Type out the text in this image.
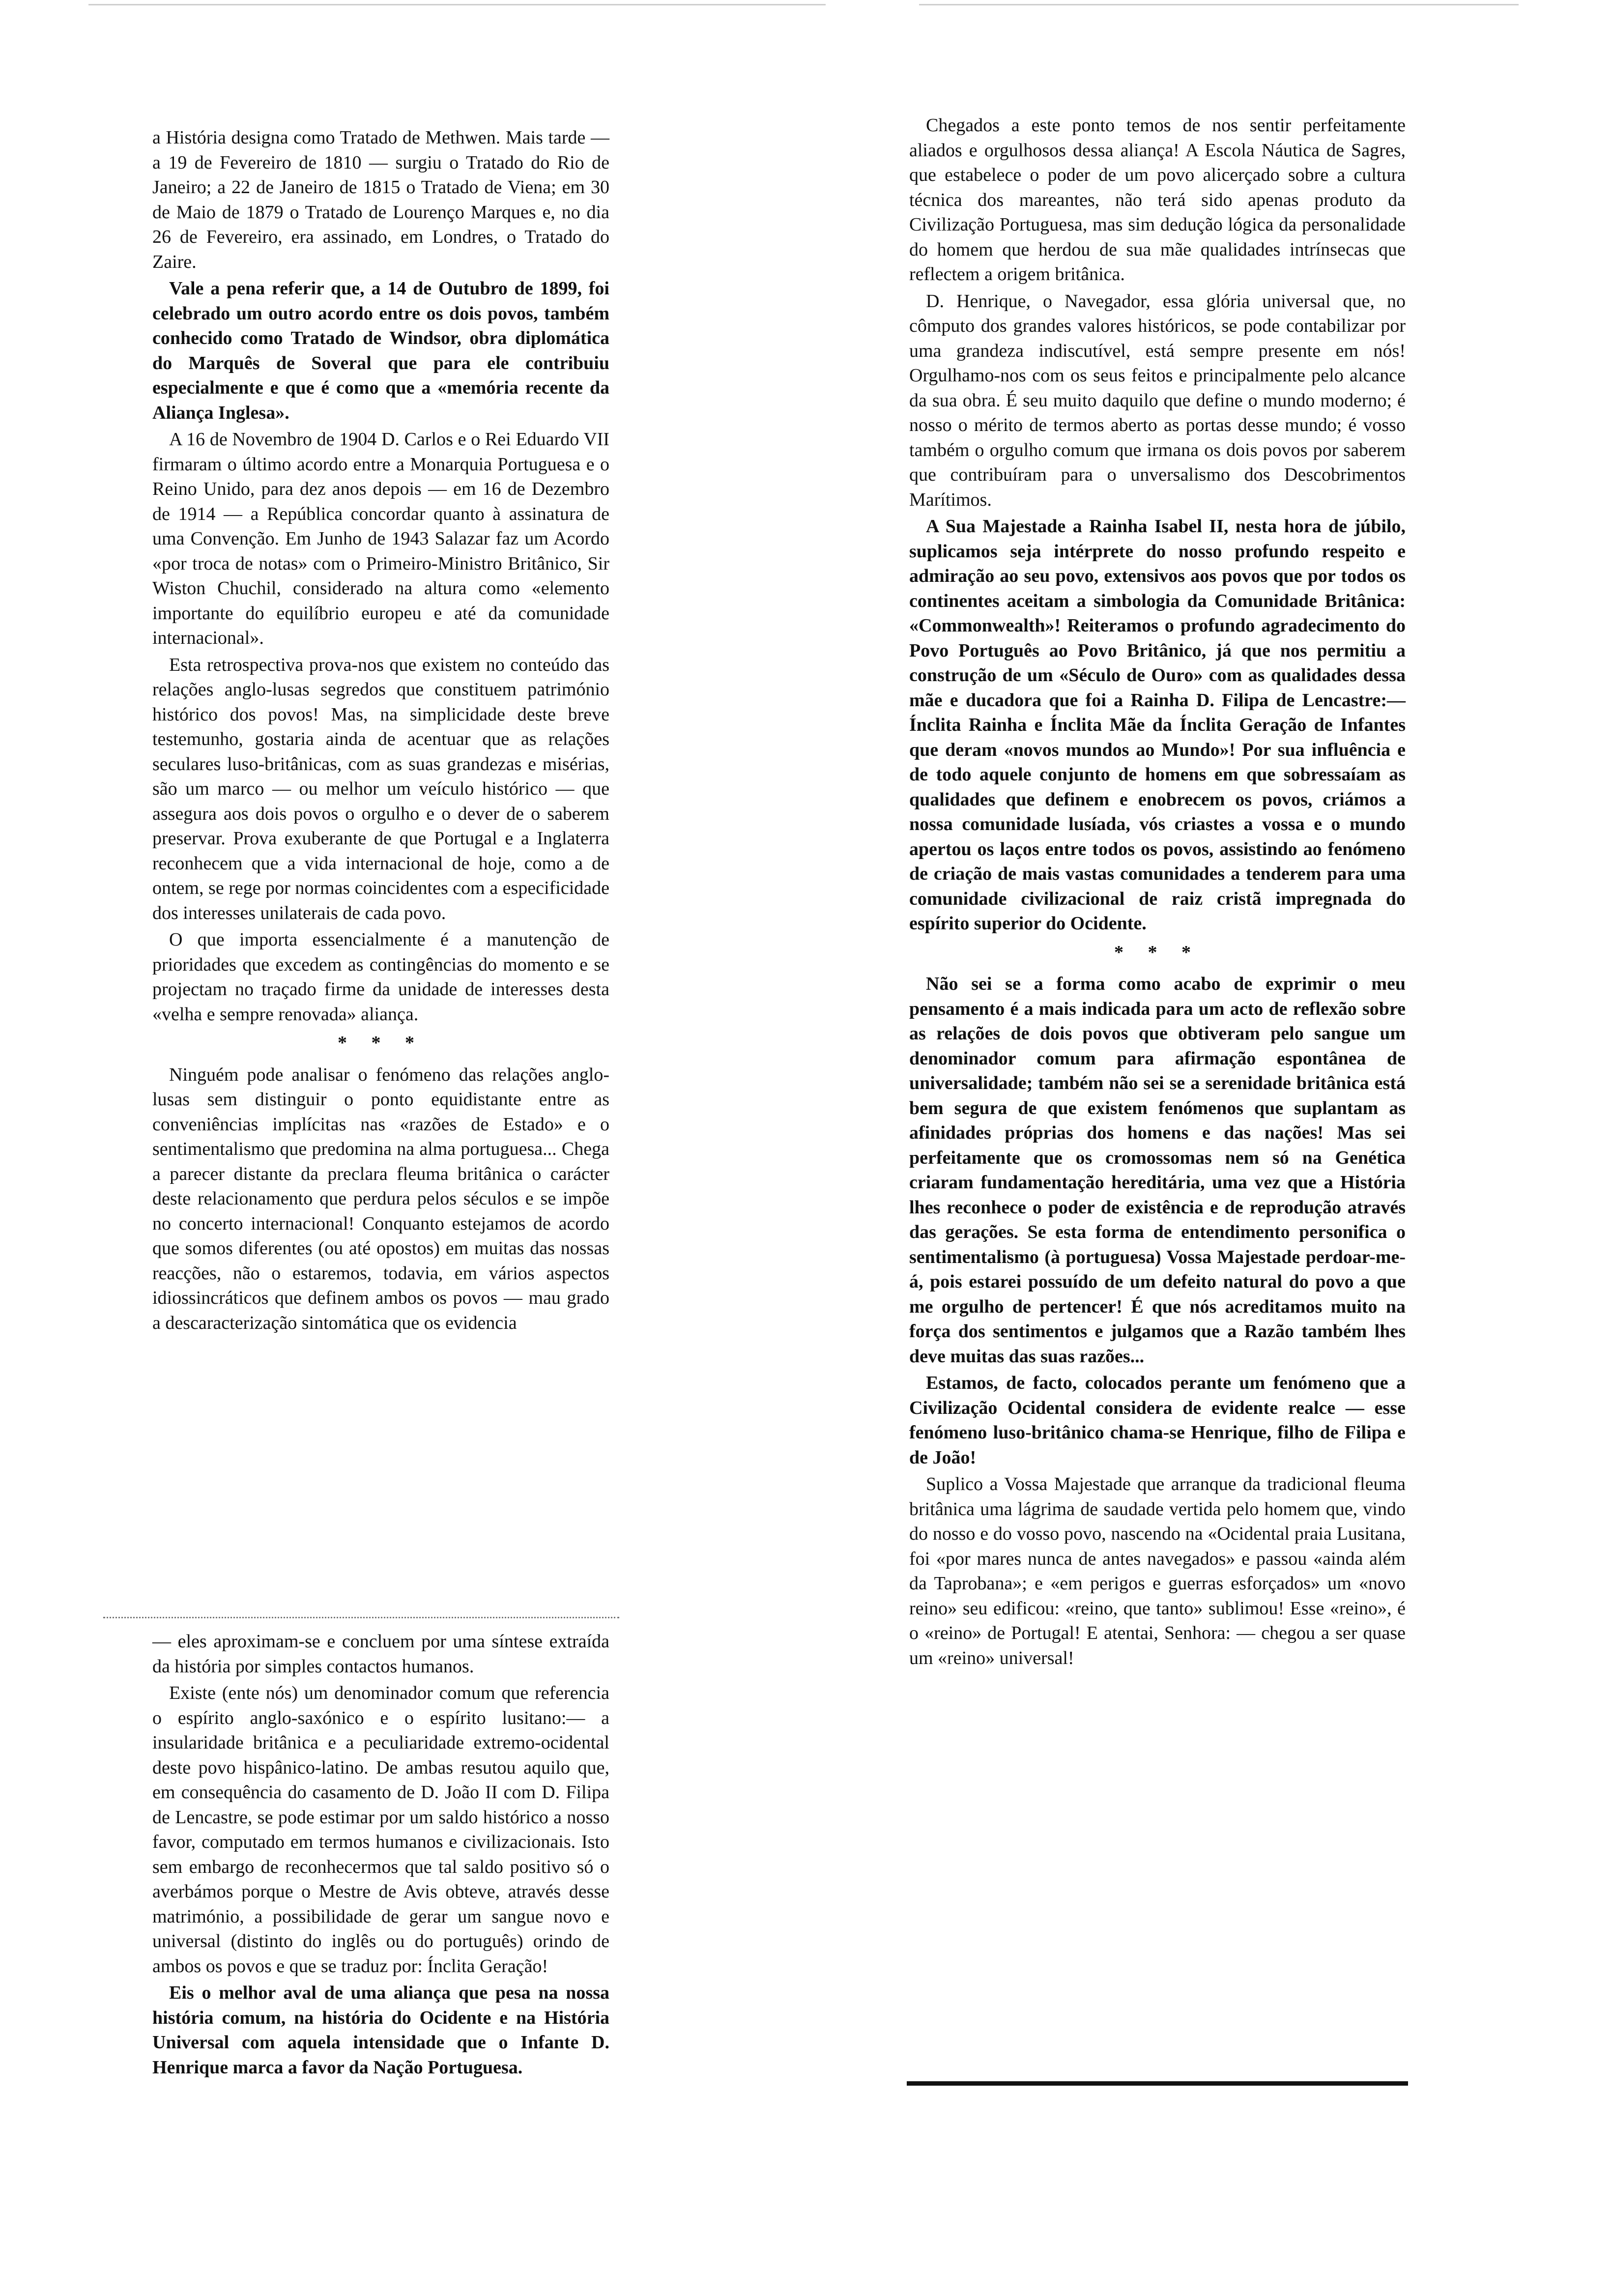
a História designa como Tratado de Methwen. Mais tarde — a 19 de Fevereiro de 1810 — surgiu o Tratado do Rio de Janeiro; a 22 de Janeiro de 1815 o Tratado de Viena; em 30 de Maio de 1879 o Tratado de Lourenço Marques e, no dia 26 de Fevereiro, era assinado, em Londres, o Tratado do Zaire.

Vale a pena referir que, a 14 de Outubro de 1899, foi celebrado um outro acordo entre os dois povos, também conhecido como Tratado de Windsor, obra diplomática do Marquês de Soveral que para ele contribuiu especialmente e que é como que a «memória recente da Aliança Inglesa».

A 16 de Novembro de 1904 D. Carlos e o Rei Eduardo VII firmaram o último acordo entre a Monarquia Portuguesa e o Reino Unido, para dez anos depois — em 16 de Dezembro de 1914 — a República concordar quanto à assinatura de uma Convenção. Em Junho de 1943 Salazar faz um Acordo «por troca de notas» com o Primeiro-Ministro Britânico, Sir Wiston Chuchil, considerado na altura como «elemento importante do equilíbrio europeu e até da comunidade internacional».

Esta retrospectiva prova-nos que existem no conteúdo das relações anglo-lusas segredos que constituem património histórico dos povos! Mas, na simplicidade deste breve testemunho, gostaria ainda de acentuar que as relações seculares luso-britânicas, com as suas grandezas e misérias, são um marco — ou melhor um veículo histórico — que assegura aos dois povos o orgulho e o dever de o saberem preservar. Prova exuberante de que Portugal e a Inglaterra reconhecem que a vida internacional de hoje, como a de ontem, se rege por normas coincidentes com a especificidade dos interesses unilaterais de cada povo.

O que importa essencialmente é a manutenção de prioridades que excedem as contingências do momento e se projectam no traçado firme da unidade de interesses desta «velha e sempre renovada» aliança.

* * *

Ninguém pode analisar o fenómeno das relações anglo-lusas sem distinguir o ponto equidistante entre as conveniências implícitas nas «razões de Estado» e o sentimentalismo que predomina na alma portuguesa... Chega a parecer distante da preclara fleuma britânica o carácter deste relacionamento que perdura pelos séculos e se impõe no concerto internacional! Conquanto estejamos de acordo que somos diferentes (ou até opostos) em muitas das nossas reacções, não o estaremos, todavia, em vários aspectos idiossincráticos que definem ambos os povos — mau grado a descaracterização sintomática que os evidencia

— eles aproximam-se e concluem por uma síntese extraída da história por simples contactos humanos.

Existe (ente nós) um denominador comum que referencia o espírito anglo-saxónico e o espírito lusitano:— a insularidade britânica e a peculiaridade extremo-ocidental deste povo hispânico-latino. De ambas resutou aquilo que, em consequência do casamento de D. João II com D. Filipa de Lencastre, se pode estimar por um saldo histórico a nosso favor, computado em termos humanos e civilizacionais. Isto sem embargo de reconhecermos que tal saldo positivo só o averbámos porque o Mestre de Avis obteve, através desse matrimónio, a possibilidade de gerar um sangue novo e universal (distinto do inglês ou do português) orindo de ambos os povos e que se traduz por: Ínclita Geração!

Eis o melhor aval de uma aliança que pesa na nossa história comum, na história do Ocidente e na História Universal com aquela intensidade que o Infante D. Henrique marca a favor da Nação Portuguesa.

Chegados a este ponto temos de nos sentir perfeitamente aliados e orgulhosos dessa aliança! A Escola Náutica de Sagres, que estabelece o poder de um povo alicerçado sobre a cultura técnica dos mareantes, não terá sido apenas produto da Civilização Portuguesa, mas sim dedução lógica da personalidade do homem que herdou de sua mãe qualidades intrínsecas que reflectem a origem britânica.

D. Henrique, o Navegador, essa glória universal que, no cômputo dos grandes valores históricos, se pode contabilizar por uma grandeza indiscutível, está sempre presente em nós! Orgulhamo-nos com os seus feitos e principalmente pelo alcance da sua obra. É seu muito daquilo que define o mundo moderno; é nosso o mérito de termos aberto as portas desse mundo; é vosso também o orgulho comum que irmana os dois povos por saberem que contribuíram para o unversalismo dos Descobrimentos Marítimos.

A Sua Majestade a Rainha Isabel II, nesta hora de júbilo, suplicamos seja intérprete do nosso profundo respeito e admiração ao seu povo, extensivos aos povos que por todos os continentes aceitam a simbologia da Comunidade Britânica: «Commonwealth»! Reiteramos o profundo agradecimento do Povo Português ao Povo Britânico, já que nos permitiu a construção de um «Século de Ouro» com as qualidades dessa mãe e ducadora que foi a Rainha D. Filipa de Lencastre:— Ínclita Rainha e Ínclita Mãe da Ínclita Geração de Infantes que deram «novos mundos ao Mundo»! Por sua influência e de todo aquele conjunto de homens em que sobressaíam as qualidades que definem e enobrecem os povos, criámos a nossa comunidade lusíada, vós criastes a vossa e o mundo apertou os laços entre todos os povos, assistindo ao fenómeno de criação de mais vastas comunidades a tenderem para uma comunidade civilizacional de raiz cristã impregnada do espírito superior do Ocidente.

* * *

Não sei se a forma como acabo de exprimir o meu pensamento é a mais indicada para um acto de reflexão sobre as relações de dois povos que obtiveram pelo sangue um denominador comum para afirmação espontânea de universalidade; também não sei se a serenidade britânica está bem segura de que existem fenómenos que suplantam as afinidades próprias dos homens e das nações! Mas sei perfeitamente que os cromossomas nem só na Genética criaram fundamentação hereditária, uma vez que a História lhes reconhece o poder de existência e de reprodução através das gerações. Se esta forma de entendimento personifica o sentimentalismo (à portuguesa) Vossa Majestade perdoar-me-á, pois estarei possuído de um defeito natural do povo a que me orgulho de pertencer! É que nós acreditamos muito na força dos sentimentos e julgamos que a Razão também lhes deve muitas das suas razões...

Estamos, de facto, colocados perante um fenómeno que a Civilização Ocidental considera de evidente realce — esse fenómeno luso-britânico chama-se Henrique, filho de Filipa e de João!

Suplico a Vossa Majestade que arranque da tradicional fleuma britânica uma lágrima de saudade vertida pelo homem que, vindo do nosso e do vosso povo, nascendo na «Ocidental praia Lusitana, foi «por mares nunca de antes navegados» e passou «ainda além da Taprobana»; e «em perigos e guerras esforçados» um «novo reino» seu edificou: «reino, que tanto» sublimou! Esse «reino», é o «reino» de Portugal! E atentai, Senhora: — chegou a ser quase um «reino» universal!
